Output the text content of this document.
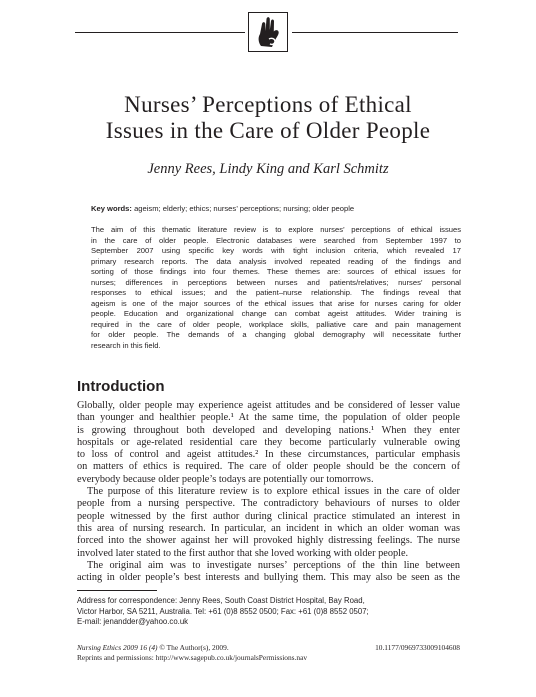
Nurses’ Perceptions of Ethical
Issues in the Care of Older People
Jenny Rees, Lindy King and Karl Schmitz
Key words: ageism; elderly; ethics; nurses’ perceptions; nursing; older people
The aim of this thematic literature review is to explore nurses’ perceptions of ethical issues
in the care of older people. Electronic databases were searched from September 1997 to
September 2007 using specific key words with tight inclusion criteria, which revealed 17
primary research reports. The data analysis involved repeated reading of the findings and
sorting of those findings into four themes. These themes are: sources of ethical issues for
nurses; differences in perceptions between nurses and patients/relatives; nurses’ personal
responses to ethical issues; and the patient–nurse relationship. The findings reveal that
ageism is one of the major sources of the ethical issues that arise for nurses caring for older
people. Education and organizational change can combat ageist attitudes. Wider training is
required in the care of older people, workplace skills, palliative care and pain management
for older people. The demands of a changing global demography will necessitate further
research in this field.
Introduction
Globally, older people may experience ageist attitudes and be considered of lesser value
than younger and healthier people.¹ At the same time, the population of older people
is growing throughout both developed and developing nations.¹ When they enter
hospitals or age-related residential care they become particularly vulnerable owing
to loss of control and ageist attitudes.² In these circumstances, particular emphasis
on matters of ethics is required. The care of older people should be the concern of
everybody because older people’s todays are potentially our tomorrows.
The purpose of this literature review is to explore ethical issues in the care of older
people from a nursing perspective. The contradictory behaviours of nurses to older
people witnessed by the first author during clinical practice stimulated an interest in
this area of nursing research. In particular, an incident in which an older woman was
forced into the shower against her will provoked highly distressing feelings. The nurse
involved later stated to the first author that she loved working with older people.
The original aim was to investigate nurses’ perceptions of the thin line between
acting in older people’s best interests and bullying them. This may also be seen as the
Address for correspondence: Jenny Rees, South Coast District Hospital, Bay Road,
Victor Harbor, SA 5211, Australia. Tel: +61 (0)8 8552 0500; Fax: +61 (0)8 8552 0507;
E-mail: jenandder@yahoo.co.uk
Nursing Ethics 2009 16 (4) © The Author(s), 2009.	10.1177/0969733009104608
Reprints and permissions: http://www.sagepub.co.uk/journalsPermissions.nav
